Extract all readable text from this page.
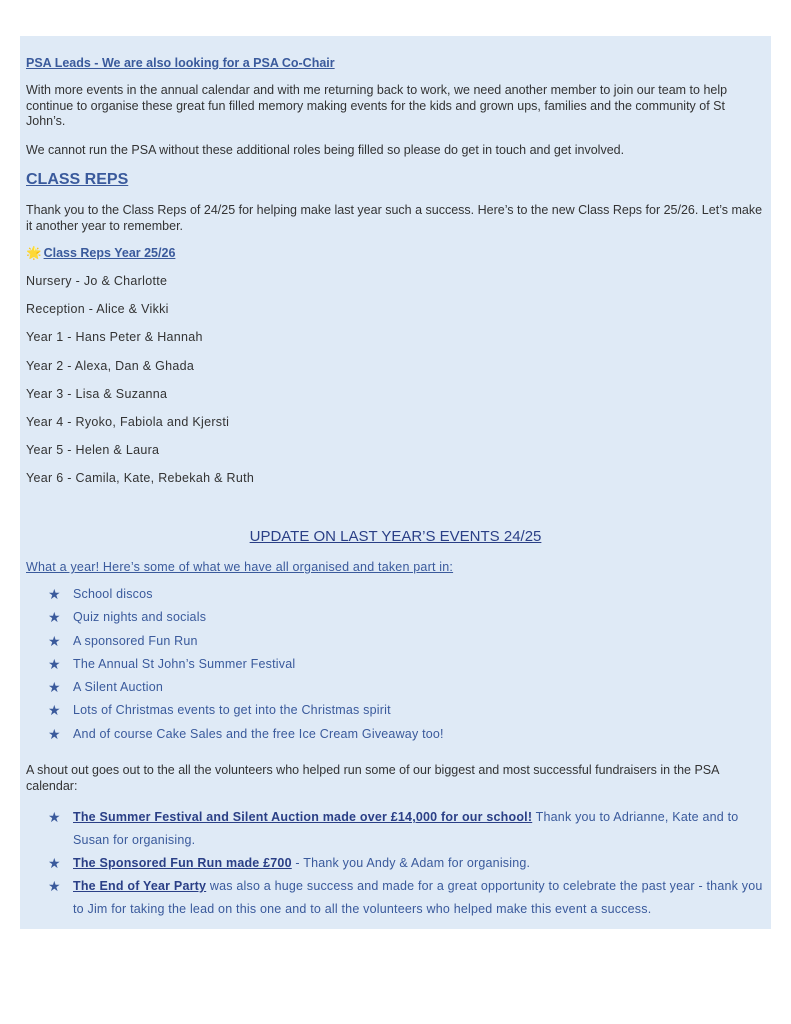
PSA Leads - We are also looking for a PSA Co-Chair
With more events in the annual calendar and with me returning back to work, we need another member to join our team to help continue to organise these great fun filled memory making events for the kids and grown ups, families and the community of St John’s.
We cannot run the PSA without these additional roles being filled so please do get in touch and get involved.
CLASS REPS
Thank you to the Class Reps of 24/25 for helping make last year such a success. Here’s to the new Class Reps for 25/26. Let’s make it another year to remember.
🌟 Class Reps Year 25/26
Nursery - Jo & Charlotte
Reception - Alice & Vikki
Year 1 - Hans Peter & Hannah
Year 2 - Alexa, Dan & Ghada
Year 3 - Lisa & Suzanna
Year 4 - Ryoko, Fabiola and Kjersti
Year 5 - Helen & Laura
Year 6 - Camila, Kate, Rebekah & Ruth
UPDATE ON LAST YEAR’S EVENTS 24/25
What a year! Here’s some of what we have all organised and taken part in:
★ School discos
★ Quiz nights and socials
★ A sponsored Fun Run
★ The Annual St John’s Summer Festival
★ A Silent Auction
★ Lots of Christmas events to get into the Christmas spirit
★ And of course Cake Sales and the free Ice Cream Giveaway too!
A shout out goes out to the all the volunteers who helped run some of our biggest and most successful fundraisers in the PSA calendar:
★ The Summer Festival and Silent Auction made over £14,000 for our school! Thank you to Adrianne, Kate and to Susan for organising.
★ The Sponsored Fun Run made £700 - Thank you Andy & Adam for organising.
★ The End of Year Party was also a huge success and made for a great opportunity to celebrate the past year - thank you to Jim for taking the lead on this one and to all the volunteers who helped make this event a success.
